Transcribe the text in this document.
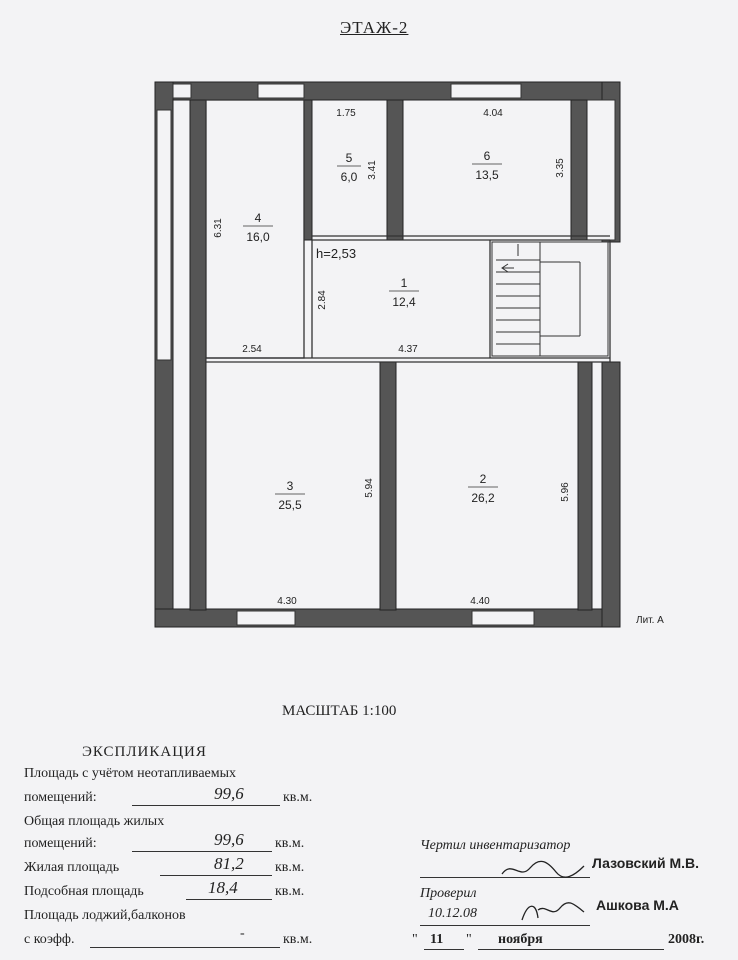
ЭТАЖ-2
5
6,0
6
13,5
4
16,0
1
12,4
3
25,5
2
26,2
h=2,53
1.75	4.04
2.54	4.37
4.30	4.40
3.41	3.35
6.31
2.84
5.94	5.96
Лит. А
МАСШТАБ 1:100
ЭКСПЛИКАЦИЯ
Площадь с учётом неотапливаемых
помещений:	99,6	кв.м.
Общая площадь жилых
помещений:	99,6 кв.м.
Жилая площадь	81,2 кв.м.
Подсобная площадь	18,4	кв.м.
Площадь лоджий,балконов
с коэфф.	-	кв.м.
Чертил инвентаризатор
Лазовский М.В.
Проверил
10.12.08
Ашкова М.А
" 11 " ноября	2008г.
